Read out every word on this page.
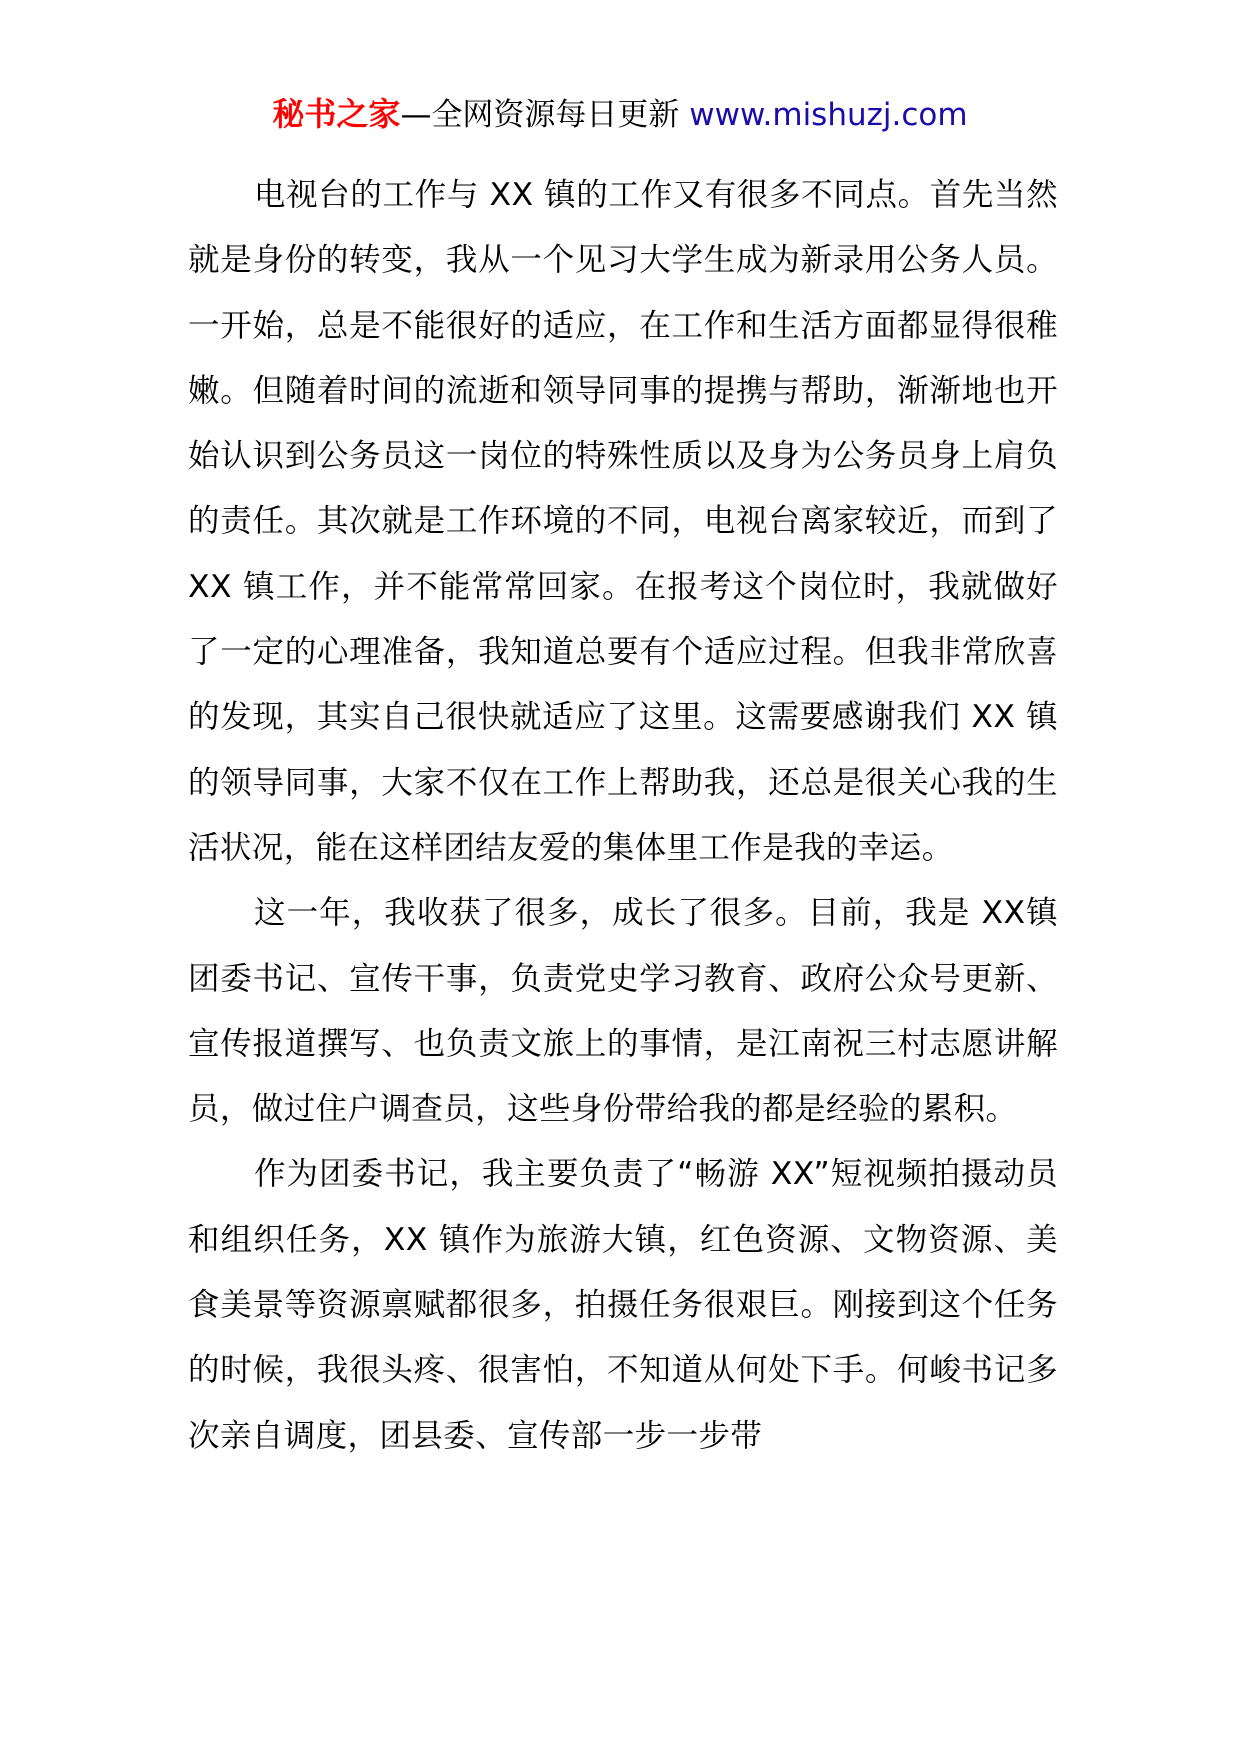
秘书之家—全网资源每日更新 www.mishuzj.com

电视台的工作与 XX 镇的工作又有很多不同点。首先当然就是身份的转变，我从一个见习大学生成为新录用公务人员。一开始，总是不能很好的适应，在工作和生活方面都显得很稚嫩。但随着时间的流逝和领导同事的提携与帮助，渐渐地也开始认识到公务员这一岗位的特殊性质以及身为公务员身上肩负的责任。其次就是工作环境的不同，电视台离家较近，而到了 XX 镇工作，并不能常常回家。在报考这个岗位时，我就做好了一定的心理准备，我知道总要有个适应过程。但我非常欣喜的发现，其实自己很快就适应了这里。这需要感谢我们 XX 镇的领导同事，大家不仅在工作上帮助我，还总是很关心我的生活状况，能在这样团结友爱的集体里工作是我的幸运。

这一年，我收获了很多，成长了很多。目前，我是 XX镇团委书记、宣传干事，负责党史学习教育、政府公众号更新、宣传报道撰写、也负责文旅上的事情，是江南祝三村志愿讲解员，做过住户调查员，这些身份带给我的都是经验的累积。

作为团委书记，我主要负责了“畅游 XX”短视频拍摄动员和组织任务，XX 镇作为旅游大镇，红色资源、文物资源、美食美景等资源禀赋都很多，拍摄任务很艰巨。刚接到这个任务的时候，我很头疼、很害怕，不知道从何处下手。何峻书记多次亲自调度，团县委、宣传部一步一步带
